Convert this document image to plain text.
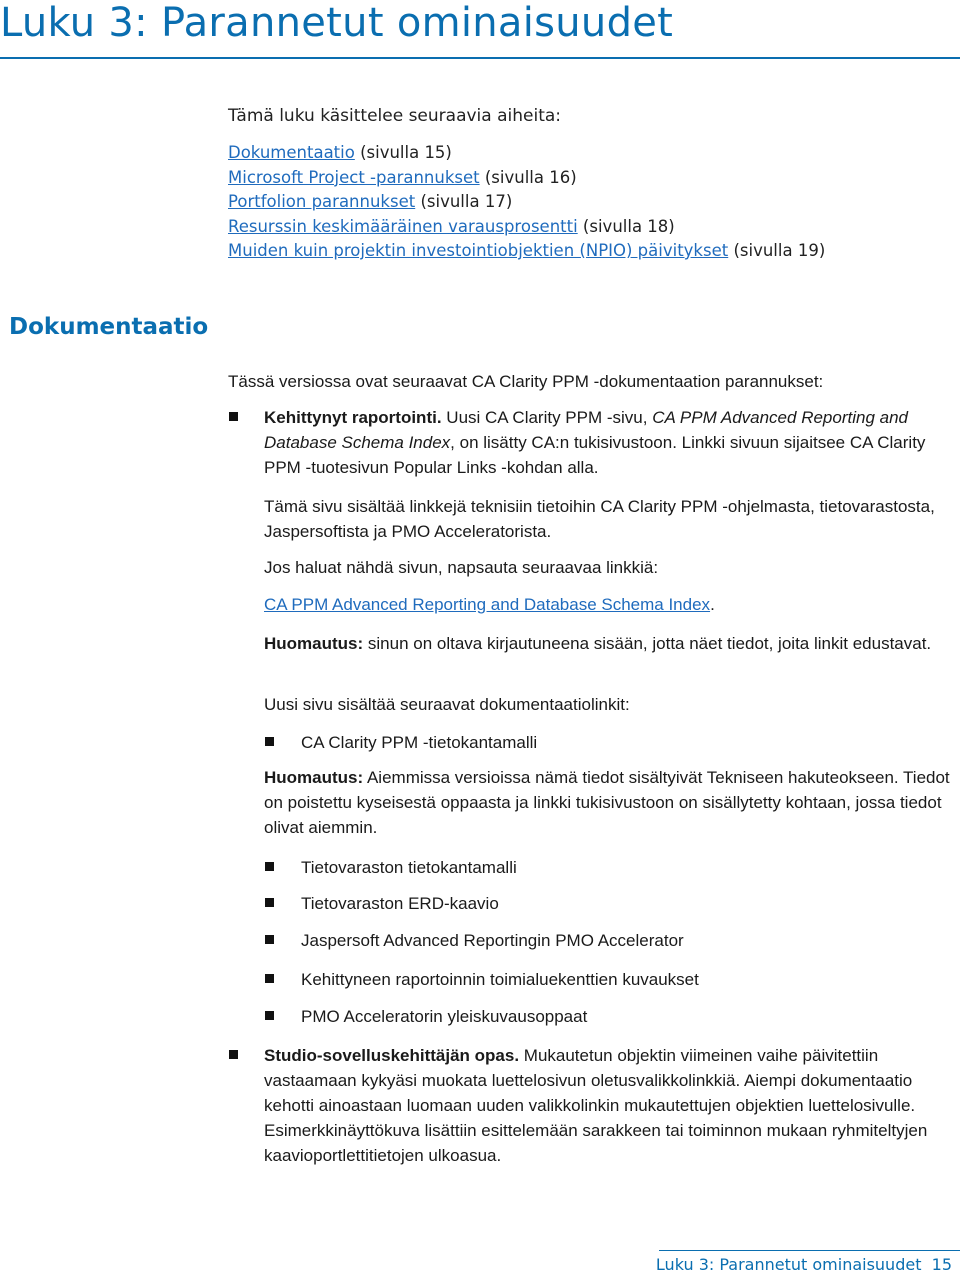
Luku 3: Parannetut ominaisuudet

Tämä luku käsittelee seuraavia aiheita:

Dokumentaatio (sivulla 15)
Microsoft Project -parannukset (sivulla 16)
Portfolion parannukset (sivulla 17)
Resurssin keskimääräinen varausprosentti (sivulla 18)
Muiden kuin projektin investointiobjektien (NPIO) päivitykset (sivulla 19)
Dokumentaatio

Tässä versiossa ovat seuraavat CA Clarity PPM -dokumentaation parannukset:

Kehittynyt raportointi. Uusi CA Clarity PPM -sivu, CA PPM Advanced Reporting and Database Schema Index, on lisätty CA:n tukisivustoon. Linkki sivuun sijaitsee CA Clarity PPM -tuotesivun Popular Links -kohdan alla.

Tämä sivu sisältää linkkejä teknisiin tietoihin CA Clarity PPM -ohjelmasta, tietovarastosta, Jaspersoftista ja PMO Acceleratorista.

Jos haluat nähdä sivun, napsauta seuraavaa linkkiä:

CA PPM Advanced Reporting and Database Schema Index.

Huomautus: sinun on oltava kirjautuneena sisään, jotta näet tiedot, joita linkit edustavat.

Uusi sivu sisältää seuraavat dokumentaatiolinkit:

CA Clarity PPM -tietokantamalli

Huomautus: Aiemmissa versioissa nämä tiedot sisältyivät Tekniseen hakuteokseen. Tiedot on poistettu kyseisestä oppaasta ja linkki tukisivustoon on sisällytetty kohtaan, jossa tiedot olivat aiemmin.

Tietovaraston tietokantamalli

Tietovaraston ERD-kaavio

Jaspersoft Advanced Reportingin PMO Accelerator

Kehittyneen raportoinnin toimialuekenttien kuvaukset

PMO Acceleratorin yleiskuvausoppaat

Studio-sovelluskehittäjän opas. Mukautetun objektin viimeinen vaihe päivitettiin vastaamaan kykyäsi muokata luettelosivun oletusvalikkolinkkiä. Aiempi dokumentaatio kehotti ainoastaan luomaan uuden valikkolinkin mukautettujen objektien luettelosivulle. Esimerkkinäyttökuva lisättiin esittelemään sarakkeen tai toiminnon mukaan ryhmiteltyjen kaavioportlettitietojen ulkoasua.

Luku 3: Parannetut ominaisuudet 15
